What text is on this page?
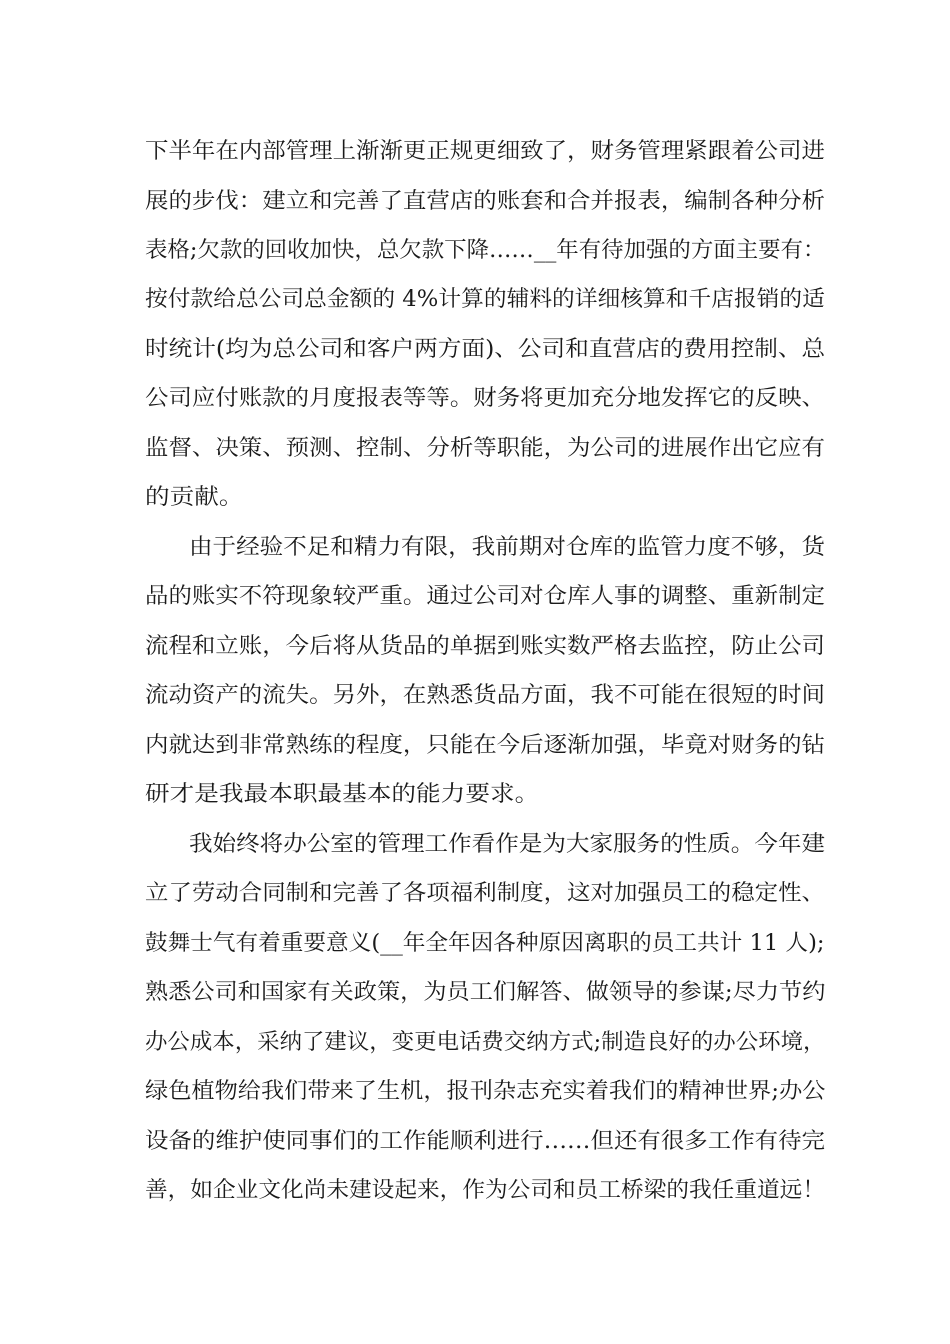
下半年在内部管理上渐渐更正规更细致了，财务管理紧跟着公司进
展的步伐：建立和完善了直营店的账套和合并报表，编制各种分析
表格;欠款的回收加快，总欠款下降……__年有待加强的方面主要有：
按付款给总公司总金额的 4%计算的辅料的详细核算和千店报销的适
时统计(均为总公司和客户两方面)、公司和直营店的费用控制、总
公司应付账款的月度报表等等。财务将更加充分地发挥它的反映、
监督、决策、预测、控制、分析等职能，为公司的进展作出它应有
的贡献。
由于经验不足和精力有限，我前期对仓库的监管力度不够，货
品的账实不符现象较严重。通过公司对仓库人事的调整、重新制定
流程和立账，今后将从货品的单据到账实数严格去监控，防止公司
流动资产的流失。另外，在熟悉货品方面，我不可能在很短的时间
内就达到非常熟练的程度，只能在今后逐渐加强，毕竟对财务的钻
研才是我最本职最基本的能力要求。
我始终将办公室的管理工作看作是为大家服务的性质。今年建
立了劳动合同制和完善了各项福利制度，这对加强员工的稳定性、
鼓舞士气有着重要意义(__年全年因各种原因离职的员工共计 11 人);
熟悉公司和国家有关政策，为员工们解答、做领导的参谋;尽力节约
办公成本，采纳了建议，变更电话费交纳方式;制造良好的办公环境，
绿色植物给我们带来了生机，报刊杂志充实着我们的精神世界;办公
设备的维护使同事们的工作能顺利进行……但还有很多工作有待完
善，如企业文化尚未建设起来，作为公司和员工桥梁的我任重道远！
